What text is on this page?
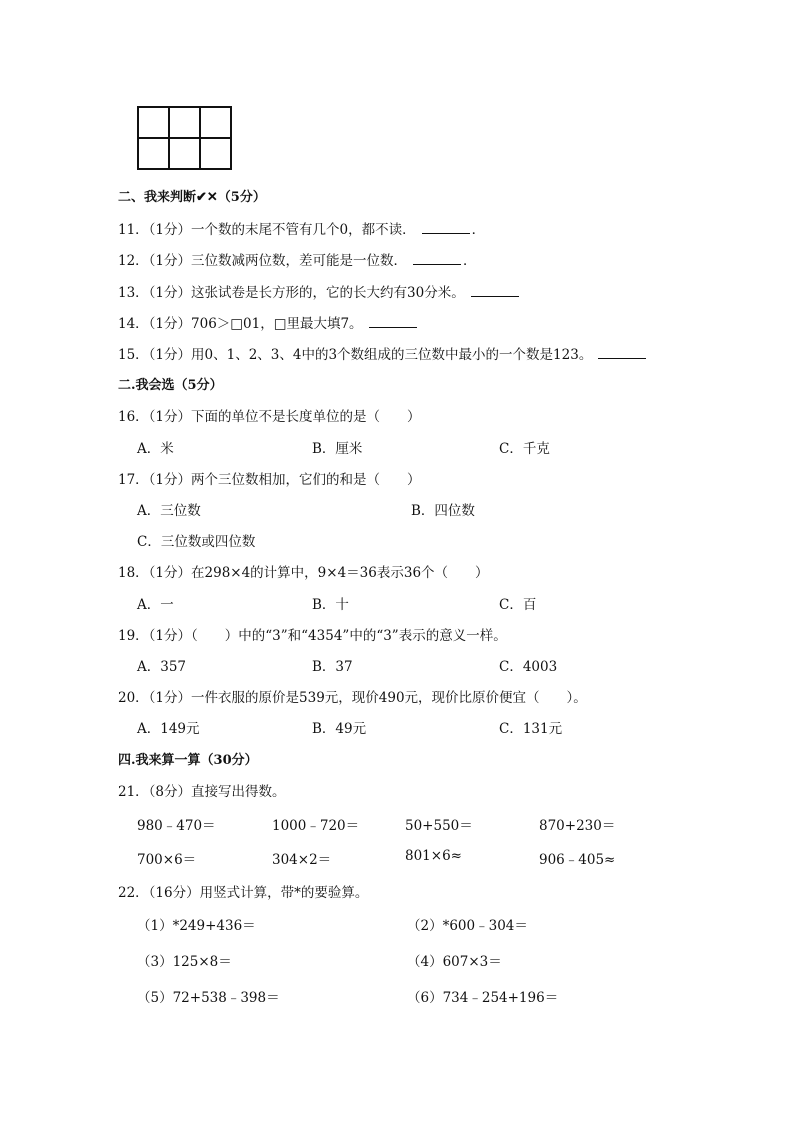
二、我来判断✔✕（5分）
11．（1分）一个数的末尾不管有几个0，都不读．	．
12．（1分）三位数减两位数，差可能是一位数．	．
13．（1分）这张试卷是长方形的，它的长大约有30分米。
14．（1分）706＞□01，□里最大填7。
15．（1分）用0、1、2、3、4中的3个数组成的三位数中最小的一个数是123。
二.我会选（5分）
16．（1分）下面的单位不是长度单位的是（　　）
A．米	B．厘米	C．千克
17．（1分）两个三位数相加，它们的和是（　　）
A．三位数	B．四位数
C．三位数或四位数
18．（1分）在298×4的计算中，9×4＝36表示36个（　　）
A．一	B．十	C．百
19．（1分）（　　）中的“3”和“4354”中的“3”表示的意义一样。
A．357	B．37	C．4003
20．（1分）一件衣服的原价是539元，现价490元，现价比原价便宜（　　）。
A．149元	B．49元	C．131元
四.我来算一算（30分）
21．（8分）直接写出得数。
980﹣470＝	1000﹣720＝	50+550＝	870+230＝
700×6＝	304×2＝	801×6≈	906﹣405≈
22．（16分）用竖式计算，带*的要验算。
（1）*249+436＝	（2）*600﹣304＝
（3）125×8＝	（4）607×3＝
（5）72+538﹣398＝	（6）734﹣254+196＝
